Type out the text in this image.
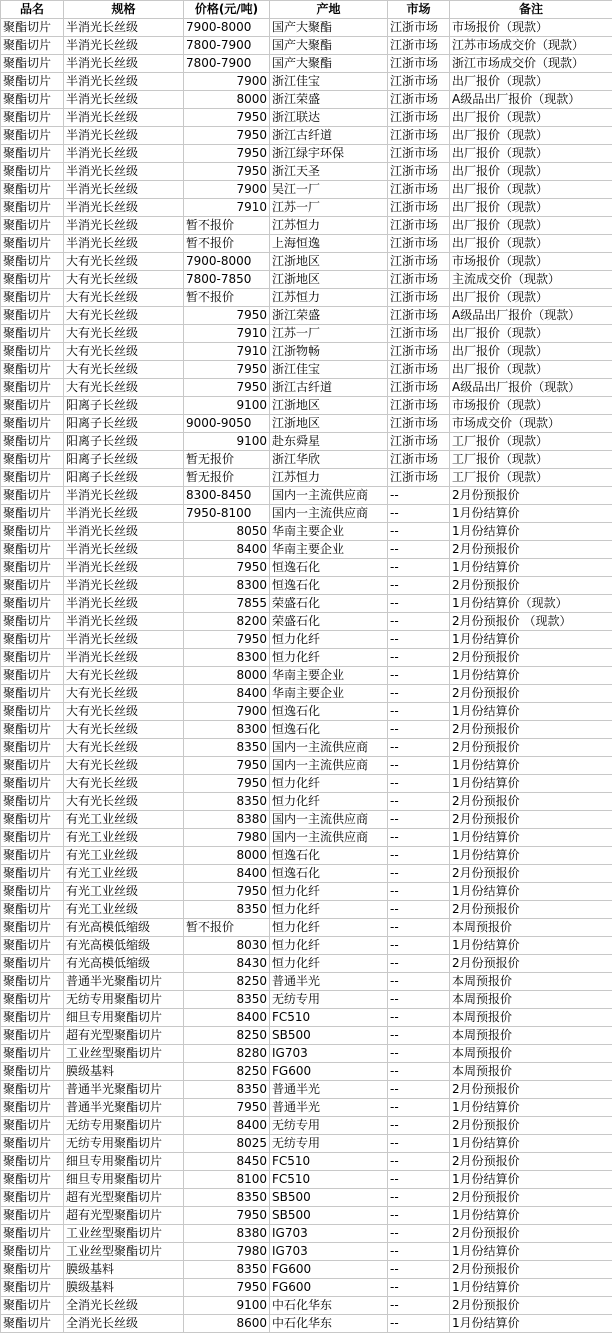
品名	规格	价格(元/吨)	产地	市场	备注
聚酯切片	半消光长丝级	7900-8000	国产大聚酯	江浙市场	市场报价（现款）
聚酯切片	半消光长丝级	7800-7900	国产大聚酯	江浙市场	江苏市场成交价（现款）
聚酯切片	半消光长丝级	7800-7900	国产大聚酯	江浙市场	浙江市场成交价（现款）
聚酯切片	半消光长丝级	7900	浙江佳宝	江浙市场	出厂报价（现款）
聚酯切片	半消光长丝级	8000	浙江荣盛	江浙市场	A级品出厂报价（现款）
聚酯切片	半消光长丝级	7950	浙江联达	江浙市场	出厂报价（现款）
聚酯切片	半消光长丝级	7950	浙江古纤道	江浙市场	出厂报价（现款）
聚酯切片	半消光长丝级	7950	浙江绿宇环保	江浙市场	出厂报价（现款）
聚酯切片	半消光长丝级	7950	浙江天圣	江浙市场	出厂报价（现款）
聚酯切片	半消光长丝级	7900	吴江一厂	江浙市场	出厂报价（现款）
聚酯切片	半消光长丝级	7910	江苏一厂	江浙市场	出厂报价（现款）
聚酯切片	半消光长丝级	暂不报价	江苏恒力	江浙市场	出厂报价（现款）
聚酯切片	半消光长丝级	暂不报价	上海恒逸	江浙市场	出厂报价（现款）
聚酯切片	大有光长丝级	7900-8000	江浙地区	江浙市场	市场报价（现款）
聚酯切片	大有光长丝级	7800-7850	江浙地区	江浙市场	主流成交价（现款）
聚酯切片	大有光长丝级	暂不报价	江苏恒力	江浙市场	出厂报价（现款）
聚酯切片	大有光长丝级	7950	浙江荣盛	江浙市场	A级品出厂报价（现款）
聚酯切片	大有光长丝级	7910	江苏一厂	江浙市场	出厂报价（现款）
聚酯切片	大有光长丝级	7910	江浙物畅	江浙市场	出厂报价（现款）
聚酯切片	大有光长丝级	7950	浙江佳宝	江浙市场	出厂报价（现款）
聚酯切片	大有光长丝级	7950	浙江古纤道	江浙市场	A级品出厂报价（现款）
聚酯切片	阳离子长丝级	9100	江浙地区	江浙市场	市场报价（现款）
聚酯切片	阳离子长丝级	9000-9050	江浙地区	江浙市场	市场成交价（现款）
聚酯切片	阳离子长丝级	9100	赴东舜星	江浙市场	工厂报价（现款）
聚酯切片	阳离子长丝级	暂无报价	浙江华欣	江浙市场	工厂报价（现款）
聚酯切片	阳离子长丝级	暂无报价	江苏恒力	江浙市场	工厂报价（现款）
聚酯切片	半消光长丝级	8300-8450	国内一主流供应商	--	2月份预报价
聚酯切片	半消光长丝级	7950-8100	国内一主流供应商	--	1月份结算价
聚酯切片	半消光长丝级	8050	华南主要企业	--	1月份结算价
聚酯切片	半消光长丝级	8400	华南主要企业	--	2月份预报价
聚酯切片	半消光长丝级	7950	恒逸石化	--	1月份结算价
聚酯切片	半消光长丝级	8300	恒逸石化	--	2月份预报价
聚酯切片	半消光长丝级	7855	荣盛石化	--	1月份结算价（现款）
聚酯切片	半消光长丝级	8200	荣盛石化	--	2月份预报价 （现款）
聚酯切片	半消光长丝级	7950	恒力化纤	--	1月份结算价
聚酯切片	半消光长丝级	8300	恒力化纤	--	2月份预报价
聚酯切片	大有光长丝级	8000	华南主要企业	--	1月份结算价
聚酯切片	大有光长丝级	8400	华南主要企业	--	2月份预报价
聚酯切片	大有光长丝级	7900	恒逸石化	--	1月份结算价
聚酯切片	大有光长丝级	8300	恒逸石化	--	2月份预报价
聚酯切片	大有光长丝级	8350	国内一主流供应商	--	2月份预报价
聚酯切片	大有光长丝级	7950	国内一主流供应商	--	1月份结算价
聚酯切片	大有光长丝级	7950	恒力化纤	--	1月份结算价
聚酯切片	大有光长丝级	8350	恒力化纤	--	2月份预报价
聚酯切片	有光工业丝级	8380	国内一主流供应商	--	2月份预报价
聚酯切片	有光工业丝级	7980	国内一主流供应商	--	1月份结算价
聚酯切片	有光工业丝级	8000	恒逸石化	--	1月份结算价
聚酯切片	有光工业丝级	8400	恒逸石化	--	2月份预报价
聚酯切片	有光工业丝级	7950	恒力化纤	--	1月份结算价
聚酯切片	有光工业丝级	8350	恒力化纤	--	2月份预报价
聚酯切片	有光高模低缩级	暂不报价	恒力化纤	--	本周预报价
聚酯切片	有光高模低缩级	8030	恒力化纤	--	1月份结算价
聚酯切片	有光高模低缩级	8430	恒力化纤	--	2月份预报价
聚酯切片	普通半光聚酯切片	8250	普通半光	--	本周预报价
聚酯切片	无纺专用聚酯切片	8350	无纺专用	--	本周预报价
聚酯切片	细旦专用聚酯切片	8400	FC510	--	本周预报价
聚酯切片	超有光型聚酯切片	8250	SB500	--	本周预报价
聚酯切片	工业丝型聚酯切片	8280	IG703	--	本周预报价
聚酯切片	膜级基料	8250	FG600	--	本周预报价
聚酯切片	普通半光聚酯切片	8350	普通半光	--	2月份预报价
聚酯切片	普通半光聚酯切片	7950	普通半光	--	1月份结算价
聚酯切片	无纺专用聚酯切片	8400	无纺专用	--	2月份预报价
聚酯切片	无纺专用聚酯切片	8025	无纺专用	--	1月份结算价
聚酯切片	细旦专用聚酯切片	8450	FC510	--	2月份预报价
聚酯切片	细旦专用聚酯切片	8100	FC510	--	1月份结算价
聚酯切片	超有光型聚酯切片	8350	SB500	--	2月份预报价
聚酯切片	超有光型聚酯切片	7950	SB500	--	1月份结算价
聚酯切片	工业丝型聚酯切片	8380	IG703	--	2月份预报价
聚酯切片	工业丝型聚酯切片	7980	IG703	--	1月份结算价
聚酯切片	膜级基料	8350	FG600	--	2月份预报价
聚酯切片	膜级基料	7950	FG600	--	1月份结算价
聚酯切片	全消光长丝级	9100	中石化华东	--	2月份预报价
聚酯切片	全消光长丝级	8600	中石化华东	--	1月份结算价
